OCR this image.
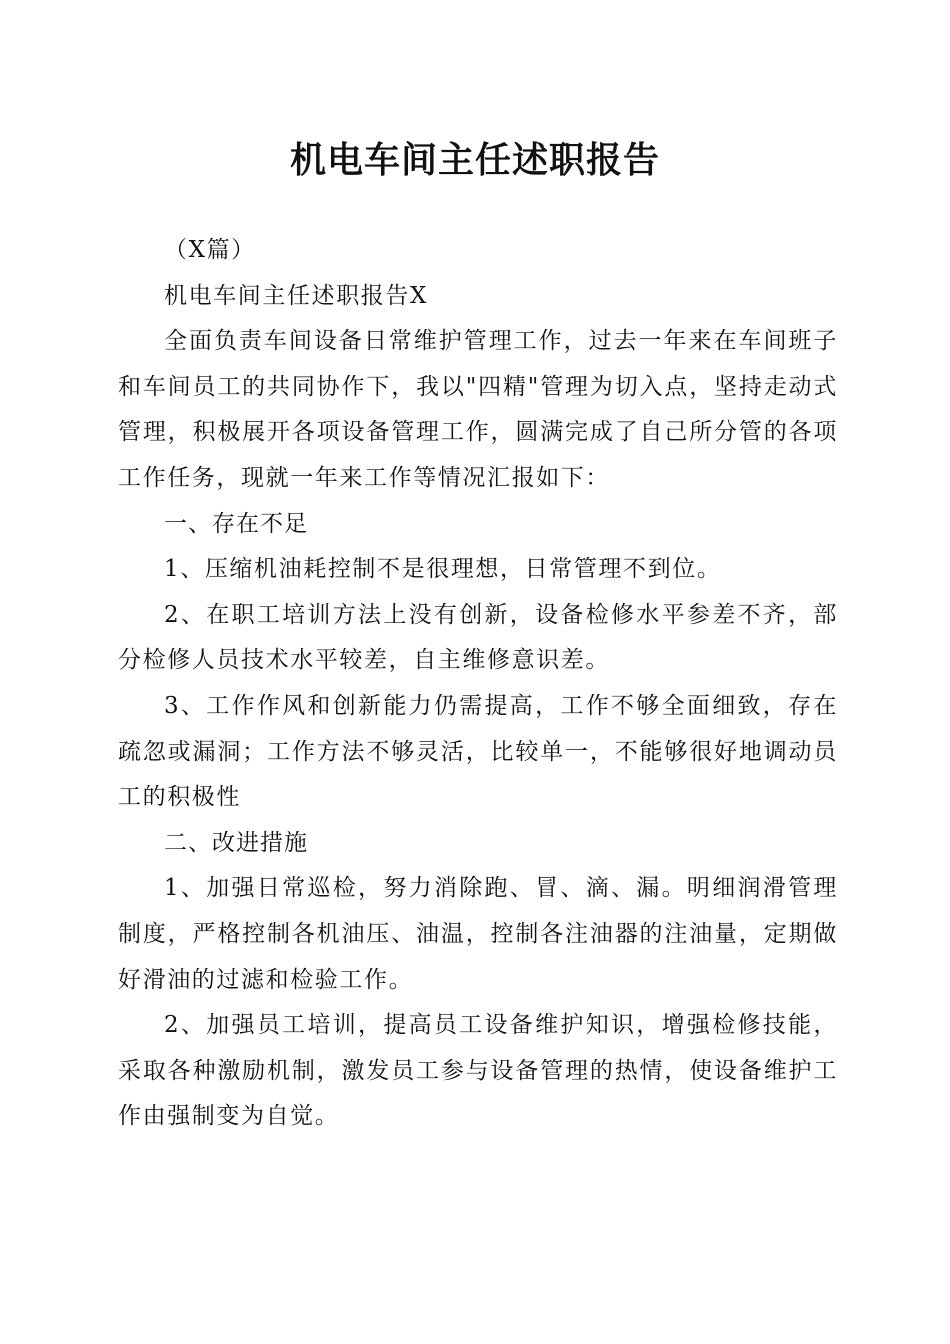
机电车间主任述职报告

（X篇）

机电车间主任述职报告X

全面负责车间设备日常维护管理工作，过去一年来在车间班子和车间员工的共同协作下，我以"四精"管理为切入点，坚持走动式管理，积极展开各项设备管理工作，圆满完成了自己所分管的各项工作任务，现就一年来工作等情况汇报如下：

一、存在不足

1、压缩机油耗控制不是很理想，日常管理不到位。

2、在职工培训方法上没有创新，设备检修水平参差不齐，部分检修人员技术水平较差，自主维修意识差。

3、工作作风和创新能力仍需提高，工作不够全面细致，存在疏忽或漏洞；工作方法不够灵活，比较单一，不能够很好地调动员工的积极性

二、改进措施

1、加强日常巡检，努力消除跑、冒、滴、漏。明细润滑管理制度，严格控制各机油压、油温，控制各注油器的注油量，定期做好滑油的过滤和检验工作。

2、加强员工培训，提高员工设备维护知识，增强检修技能，采取各种激励机制，激发员工参与设备管理的热情，使设备维护工作由强制变为自觉。
